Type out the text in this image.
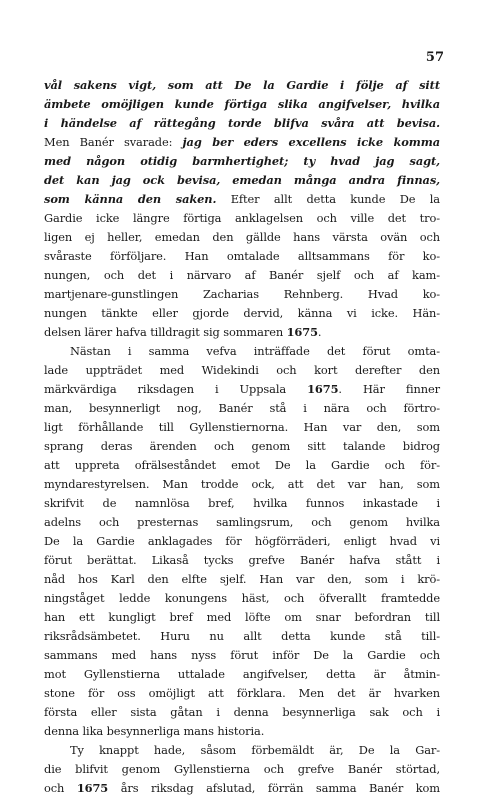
57
vål sakens vigt, som att De la Gardie i följe af sitt
ämbete omöjligen kunde förtiga slika angifvelser, hvilka
i händelse af rättegång torde blifva svåra att bevisa.
Men Banér svarade: jag ber eders excellens icke komma
med någon otidig barmhertighet; ty hvad jag sagt,
det kan jag ock bevisa, emedan många andra finnas,
som känna den saken. Efter allt detta kunde De la
Gardie icke längre förtiga anklagelsen och ville det tro-
ligen ej heller, emedan den gällde hans värsta ovän och
svåraste förföljare. Han omtalade alltsammans för ko-
nungen, och det i närvaro af Banér sjelf och af kam-
martjenare-gunstlingen Zacharias Rehnberg. Hvad ko-
nungen tänkte eller gjorde dervid, känna vi icke. Hän-
delsen lärer hafva tilldragit sig sommaren 1675.
Nästan i samma vefva inträffade det förut omta-
lade uppträdet med Widekindi och kort derefter den
märkvärdiga riksdagen i Uppsala 1675. Här finner
man, besynnerligt nog, Banér stå i nära och förtro-
ligt förhållande till Gyllenstiernorna. Han var den, som
sprang deras ärenden och genom sitt talande bidrog
att uppreta ofrälseståndet emot De la Gardie och för-
myndarestyrelsen. Man trodde ock, att det var han, som
skrifvit de namnlösa bref, hvilka funnos inkastade i
adelns och presternas samlingsrum, och genom hvilka
De la Gardie anklagades för högförräderi, enligt hvad vi
förut berättat. Likaså tycks grefve Banér hafva stått i
nåd hos Karl den elfte sjelf. Han var den, som i krö-
ningståget ledde konungens häst, och öfverallt framtedde
han ett kungligt bref med löfte om snar befordran till
riksrådsämbetet. Huru nu allt detta kunde stå till-
sammans med hans nyss förut inför De la Gardie och
mot Gyllenstierna uttalade angifvelser, detta är åtmin-
stone för oss omöjligt att förklara. Men det är hvarken
första eller sista gåtan i denna besynnerliga sak och i
denna lika besynnerliga mans historia.
Ty knappt hade, såsom förbemäldt är, De la Gar-
die blifvit genom Gyllenstierna och grefve Banér störtad,
och 1675 års riksdag afslutad, förrän samma Banér kom
